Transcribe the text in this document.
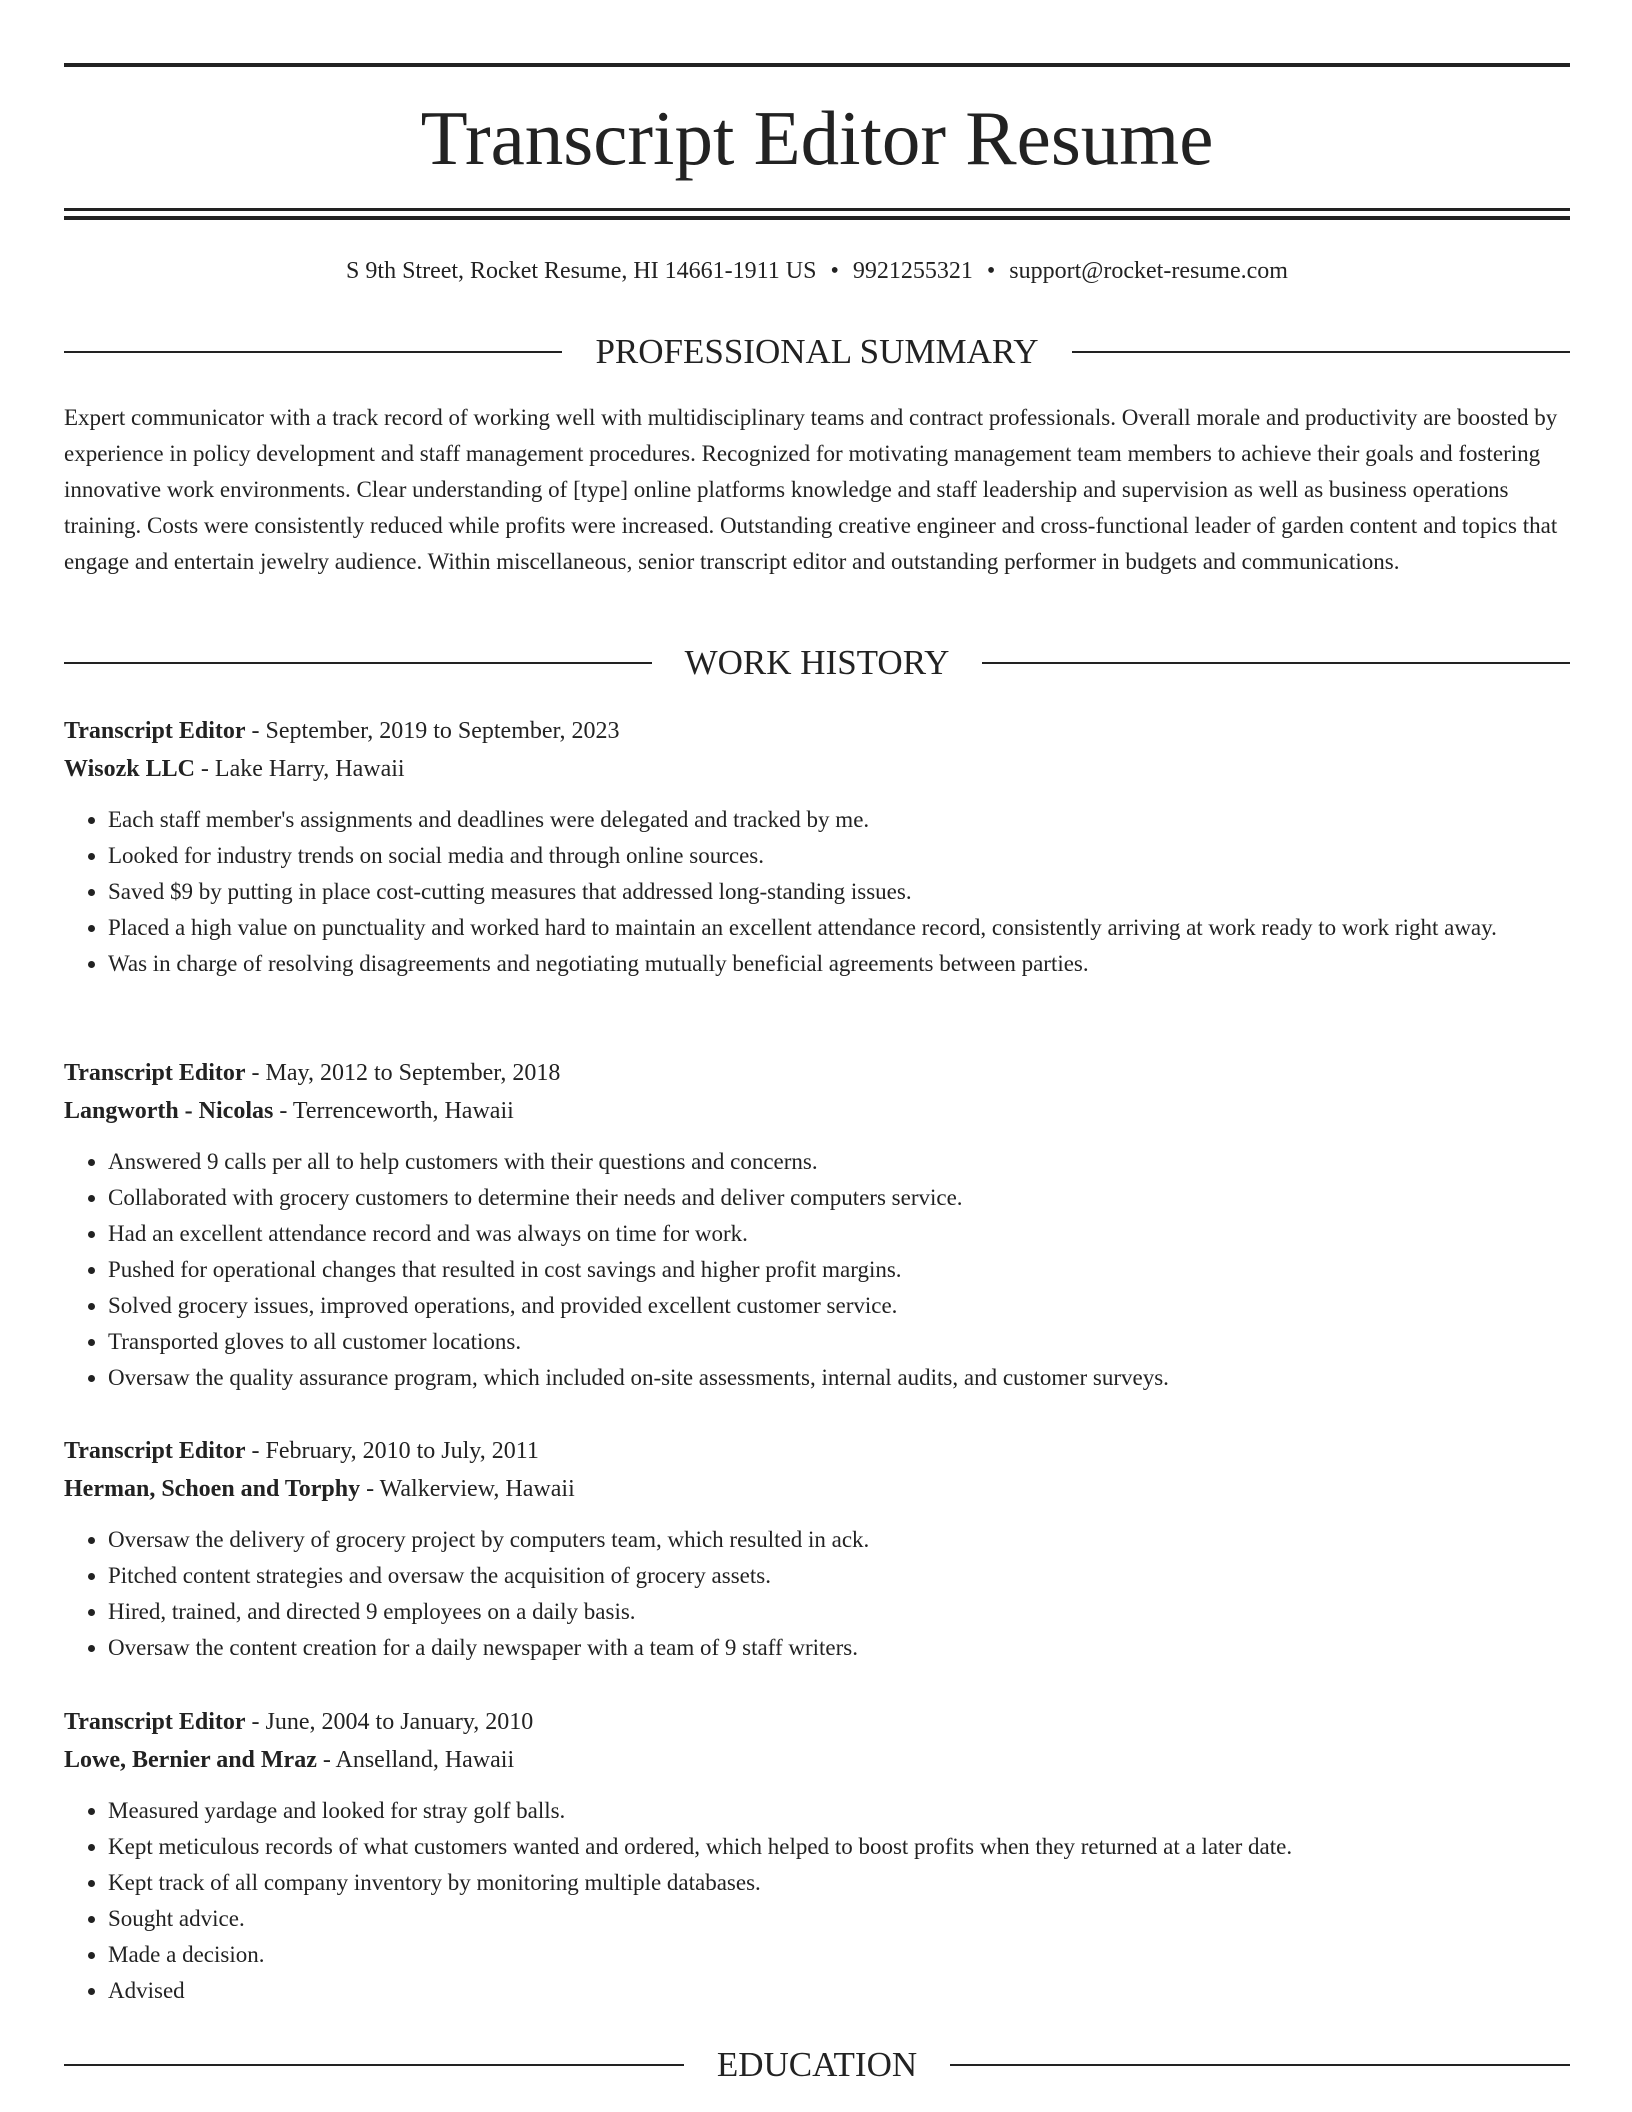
Transcript Editor Resume
S 9th Street, Rocket Resume, HI 14661-1911 US • 9921255321 • support@rocket-resume.com
PROFESSIONAL SUMMARY

Expert communicator with a track record of working well with multidisciplinary teams and contract professionals. Overall morale and productivity are boosted by experience in policy development and staff management procedures. Recognized for motivating management team members to achieve their goals and fostering innovative work environments. Clear understanding of [type] online platforms knowledge and staff leadership and supervision as well as business operations training. Costs were consistently reduced while profits were increased. Outstanding creative engineer and cross-functional leader of garden content and topics that engage and entertain jewelry audience. Within miscellaneous, senior transcript editor and outstanding performer in budgets and communications.

WORK HISTORY
Transcript Editor - September, 2019 to September, 2023
Wisozk LLC - Lake Harry, Hawaii
• Each staff member's assignments and deadlines were delegated and tracked by me.
• Looked for industry trends on social media and through online sources.
• Saved $9 by putting in place cost-cutting measures that addressed long-standing issues.
• Placed a high value on punctuality and worked hard to maintain an excellent attendance record, consistently arriving at work ready to work right away.
• Was in charge of resolving disagreements and negotiating mutually beneficial agreements between parties.
Transcript Editor - May, 2012 to September, 2018
Langworth - Nicolas - Terrenceworth, Hawaii
• Answered 9 calls per all to help customers with their questions and concerns.
• Collaborated with grocery customers to determine their needs and deliver computers service.
• Had an excellent attendance record and was always on time for work.
• Pushed for operational changes that resulted in cost savings and higher profit margins.
• Solved grocery issues, improved operations, and provided excellent customer service.
• Transported gloves to all customer locations.
• Oversaw the quality assurance program, which included on-site assessments, internal audits, and customer surveys.
Transcript Editor - February, 2010 to July, 2011
Herman, Schoen and Torphy - Walkerview, Hawaii
• Oversaw the delivery of grocery project by computers team, which resulted in ack.
• Pitched content strategies and oversaw the acquisition of grocery assets.
• Hired, trained, and directed 9 employees on a daily basis.
• Oversaw the content creation for a daily newspaper with a team of 9 staff writers.
Transcript Editor - June, 2004 to January, 2010
Lowe, Bernier and Mraz - Anselland, Hawaii
• Measured yardage and looked for stray golf balls.
• Kept meticulous records of what customers wanted and ordered, which helped to boost profits when they returned at a later date.
• Kept track of all company inventory by monitoring multiple databases.
• Sought advice.
• Made a decision.
• Advised
EDUCATION
